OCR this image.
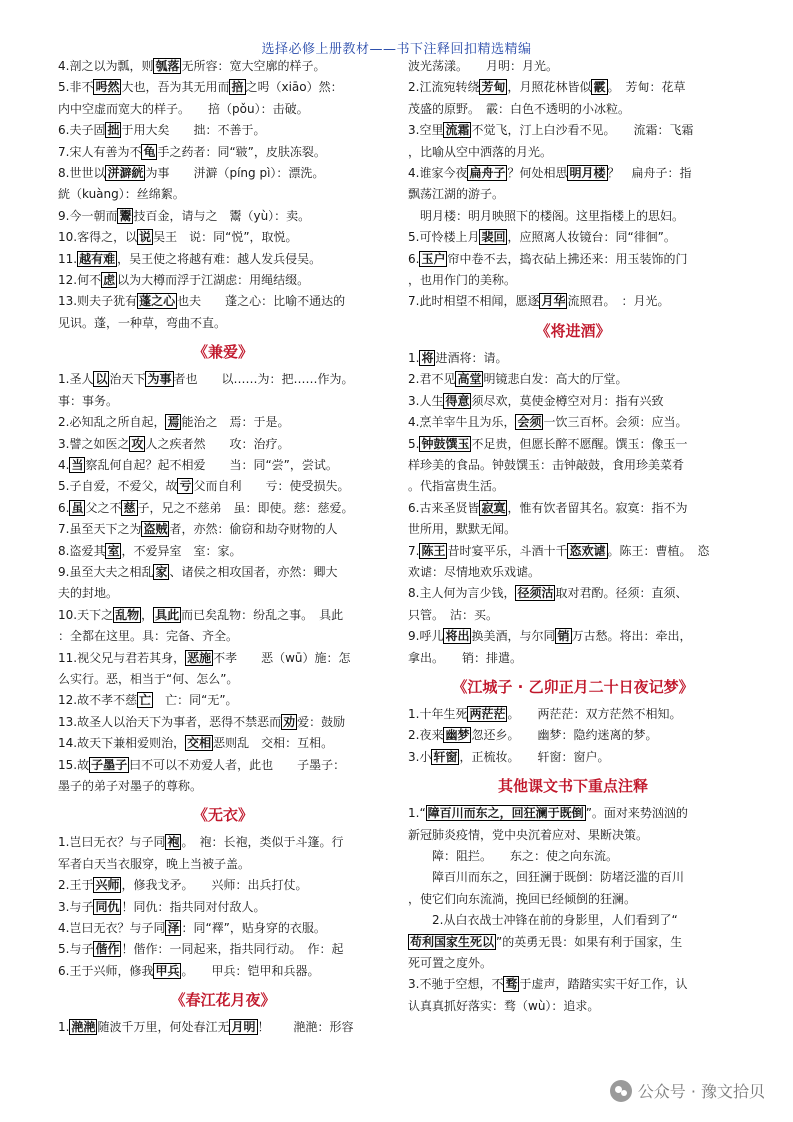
选择必修上册教材——书下注释回扣精选精编
4.剖之以为瓢，则 瓠落 无所容：宽大空廓的样子。
5.非不 呺然 大也，吾为其无用而 掊 之呺（xiāo）然：
内中空虚而宽大的样子。　　掊（pǒu）：击破。
6.夫子固 拙 于用大矣　　拙：不善于。
7.宋人有善为不 龟 手之药者：同“皲”，皮肤冻裂。
8.世世以 洴澼絖 为事　　洴澼（píng pì）：漂洗。
絖（kuàng）：丝绵絮。
9.今一朝而 鬻 技百金，请与之　鬻（yù）：卖。
10.客得之，以 说 吴王　说：同“悦”，取悦。
11. 越有难 ，吴王使之将越有难：越人发兵侵吴。
12.何不 虑 以为大樽而浮于江湖虑：用绳结缀。
13.则夫子犹有 蓬之心 也夫　　蓬之心：比喻不通达的
见识。蓬，一种草，弯曲不直。
《兼爱》
1.圣人 以 治天下 为事 者也　　以……为：把……作为。
事：事务。
2.必知乱之所自起， 焉 能治之　焉：于是。
3.譬之如医之 攻 人之疾者然　　攻：治疗。
4. 当 察乱何自起？起不相爱　　当：同“尝”，尝试。
5.子自爱，不爱父，故 亏 父而自利　　亏：使受损失。
6. 虽 父之不 慈 子，兄之不慈弟　虽：即使。慈：慈爱。
7.虽至天下之为 盗贼 者，亦然：偷窃和劫夺财物的人
8.盗爱其 室 ，不爱异室　室：家。
9.虽至大夫之相乱 家 、诸侯之相攻国者，亦然：卿大
夫的封地。
10.天下之 乱物 ， 具此 而已矣乱物：纷乱之事。　具此
：全都在这里。具：完备、齐全。
11.视父兄与君若其身， 恶施 不孝　　恶（wū）施：怎
么实行。恶，相当于“何、怎么”。
12.故不孝不慈 亡　亡：同“无”。
13.故圣人以治天下为事者，恶得不禁恶而 劝 爱：鼓励
14.故天下兼相爱则治， 交相 恶则乱　交相：互相。
15.故 子墨子 曰不可以不劝爱人者，此也　　子墨子：
墨子的弟子对墨子的尊称。
《无衣》
1.岂曰无衣？与子同 袍 。　袍：长袍，类似于斗篷。行
军者白天当衣服穿，晚上当被子盖。
2.王于 兴师 ，修我戈矛。　　兴师：出兵打仗。
3.与子 同仇 ！同仇：指共同对付敌人。
4.岂曰无衣？与子同 泽 ：同“襗”，贴身穿的衣服。
5.与子 偕作 ！偕作：一同起来，指共同行动。　作：起
6.王于兴师，修我 甲兵 。　　甲兵：铠甲和兵器。
《春江花月夜》
1. 滟滟 随波千万里，何处春江无 月明 ！　　滟滟：形容
波光荡漾。　　月明：月光。
2.江流宛转绕 芳甸 ，月照花林皆似 霰 。　芳甸：花草
茂盛的原野。　霰：白色不透明的小冰粒。
3.空里 流霜 不觉飞，汀上白沙看不见。　　流霜：飞霜
，比喻从空中洒落的月光。
4.谁家今夜 扁舟子 ？何处相思 明月楼 ？　扁舟子：指
飘荡江湖的游子。
　明月楼：明月映照下的楼阁。这里指楼上的思妇。
5.可怜楼上月 裴回 ，应照离人妆镜台：同“徘徊”。
6. 玉户 帘中卷不去，捣衣砧上拂还来：用玉装饰的门
，也用作门的美称。
7.此时相望不相闻，愿逐 月华 流照君。　：月光。
《将进酒》
1. 将 进酒将：请。
2.君不见 高堂 明镜悲白发：高大的厅堂。
3.人生 得意 须尽欢，莫使金樽空对月：指有兴致
4.烹羊宰牛且为乐， 会须 一饮三百杯。会须：应当。
5. 钟鼓馔玉 不足贵，但愿长醉不愿醒。馔玉：像玉一
样珍美的食品。钟鼓馔玉：击钟敲鼓，食用珍美菜肴
。代指富贵生活。
6.古来圣贤皆 寂寞 ，惟有饮者留其名。寂寞：指不为
世所用，默默无闻。
7. 陈王 昔时宴平乐，斗酒十千 恣欢谑 。陈王：曹植。　恣
欢谑：尽情地欢乐戏谑。
8.主人何为言少钱， 径须沽 取对君酌。径须：直须、
只管。　沽：买。
9.呼儿 将出 换美酒，与尔同 销 万古愁。将出：牵出，
拿出。　　销：排遣。
《江城子 · 乙卯正月二十日夜记梦》
1.十年生死 两茫茫 。　　两茫茫：双方茫然不相知。
2.夜来 幽梦 忽还乡。　　幽梦：隐约迷离的梦。
3.小 轩窗 ，正梳妆。　　轩窗：窗户。
其他课文书下重点注释
1.“ 障百川而东之，回狂澜于既倒 ”。面对来势汹汹的
新冠肺炎疫情，党中央沉着应对、果断决策。
　　障：阻拦。　　东之：使之向东流。
　　障百川而东之，回狂澜于既倒：防堵泛滥的百川
，使它们向东流淌，挽回已经倾倒的狂澜。
　　2.从白衣战士冲锋在前的身影里，人们看到了“
苟利国家生死以 ”的英勇无畏：如果有利于国家，生
死可置之度外。
3.不驰于空想，不 骛 于虚声，踏踏实实干好工作，认
认真真抓好落实：骛（wù）：追求。
公众号 · 豫文拾贝
